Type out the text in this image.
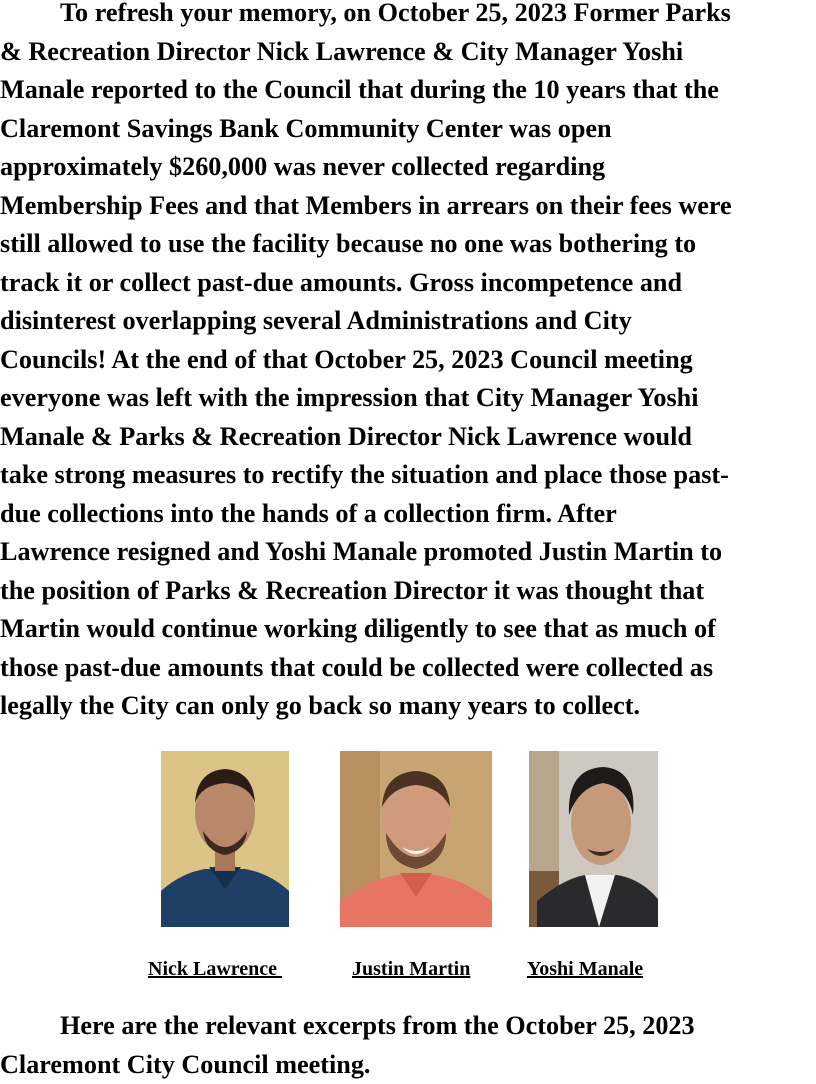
To refresh your memory, on October 25, 2023 Former Parks
& Recreation Director Nick Lawrence & City Manager Yoshi
Manale reported to the Council that during the 10 years that the
Claremont Savings Bank Community Center was open
approximately $260,000 was never collected regarding
Membership Fees and that Members in arrears on their fees were
still allowed to use the facility because no one was bothering to
track it or collect past-due amounts. Gross incompetence and
disinterest overlapping several Administrations and City
Councils! At the end of that October 25, 2023 Council meeting
everyone was left with the impression that City Manager Yoshi
Manale & Parks & Recreation Director Nick Lawrence would
take strong measures to rectify the situation and place those past-
due collections into the hands of a collection firm. After
Lawrence resigned and Yoshi Manale promoted Justin Martin to
the position of Parks & Recreation Director it was thought that
Martin would continue working diligently to see that as much of
those past-due amounts that could be collected were collected as
legally the City can only go back so many years to collect.
Nick Lawrence	Justin Martin	Yoshi Manale
Here are the relevant excerpts from the October 25, 2023
Claremont City Council meeting.
